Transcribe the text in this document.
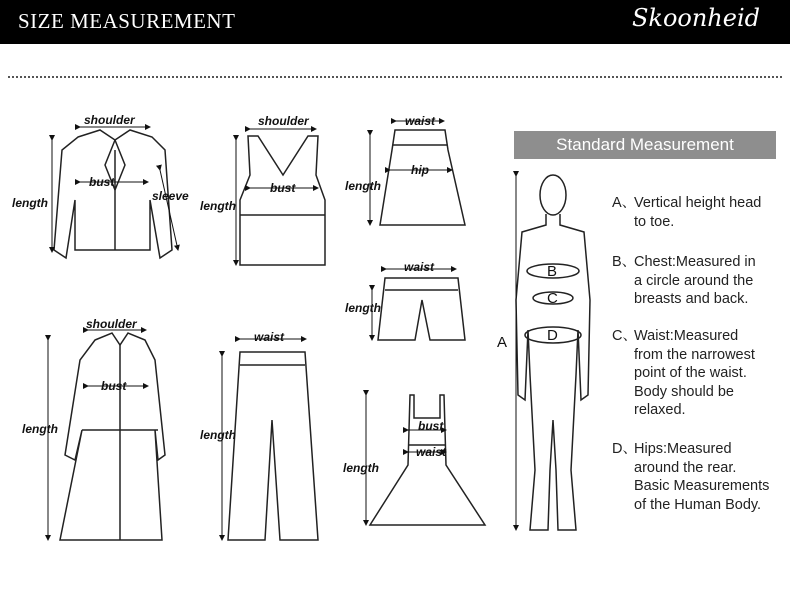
SIZE MEASUREMENT	Skoonheid
shoulder
bust
length	sleeve
shoulder
bust
length
waist
hip
length
waist
length
shoulder
bust
length
waist
length
bust
waist
length
A
B
C
D
Standard Measurement
A、Vertical height head
to toe.
B、Chest:Measured in
a circle around the
breasts and back.
C、Waist:Measured
from the narrowest
point of the waist.
Body should be
relaxed.
D、Hips:Measured
around the rear.
Basic Measurements
of the Human Body.
